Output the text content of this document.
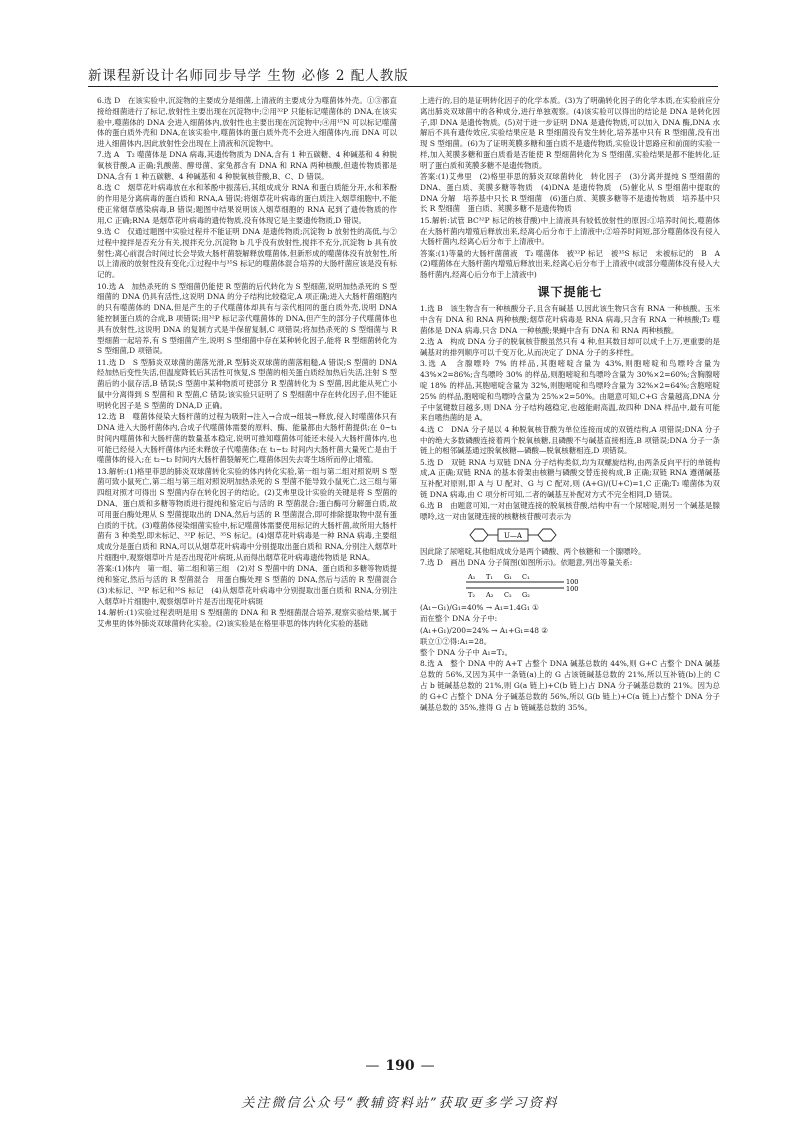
新课程新设计名师同步导学 生物 必修 2 配人教版

6.选 D　在该实验中,沉淀物的主要成分是细菌,上清液的主要成分为噬菌体外壳。①③都直接给细菌进行了标记,放射性主要出现在沉淀物中;②用³²P 只能标记噬菌体的 DNA,在该实验中,噬菌体的 DNA 会进入细菌体内,放射性也主要出现在沉淀物中;④用¹⁵N 可以标记噬菌体的蛋白质外壳和 DNA,在该实验中,噬菌体的蛋白质外壳不会进入细菌体内,而 DNA 可以进入细菌体内,因此放射性会出现在上清液和沉淀物中。

7.选 A　T₂ 噬菌体是 DNA 病毒,其遗传物质为 DNA,含有 1 种五碳糖、4 种碱基和 4 种脱氧核苷酸,A 正确;乳酸菌、酵母菌、家兔都含有 DNA 和 RNA 两种核酸,但遗传物质都是 DNA,含有 1 种五碳糖、4 种碱基和 4 种脱氧核苷酸,B、C、D 错误。

8.选 C　烟草花叶病毒放在水和苯酚中振荡后,其组成成分 RNA 和蛋白质能分开,水和苯酚的作用是分离病毒的蛋白质和 RNA,A 错误;将烟草花叶病毒的蛋白质注入烟草细胞中,不能使正常烟草感染病毒,B 错误;题图中结果说明该入烟草细胞的 RNA 起到了遗传物质的作用,C 正确;RNA 是烟草花叶病毒的遗传物质,没有体现它是主要遗传物质,D 错误。

9.选 C　仅通过题图中实验过程并不能证明 DNA 是遗传物质;沉淀物 b 放射性的高低,与②过程中搅拌是否充分有关,搅拌充分,沉淀物 b 几乎没有放射性,搅拌不充分,沉淀物 b 具有放射性;离心前混合时间过长会导致大肠杆菌裂解释放噬菌体,但新形成的噬菌体没有放射性,所以上清液的放射性没有变化;①过程中与³⁵S 标记的噬菌体混合培养的大肠杆菌应该是没有标记的。

10.选 A　加热杀死的 S 型细菌仍能使 R 型菌的后代转化为 S 型细菌,说明加热杀死的 S 型细菌的 DNA 仍具有活性,这说明 DNA 的分子结构比较稳定,A 项正确;进入大肠杆菌细胞内的只有噬菌体的 DNA,但是产生的子代噬菌体却具有与亲代相同的蛋白质外壳,说明 DNA 能控制蛋白质的合成,B 项错误;用³²P 标记亲代噬菌体的 DNA,但产生的部分子代噬菌体也具有放射性,这说明 DNA 的复制方式是半保留复制,C 项错误;将加热杀死的 S 型细菌与 R 型细菌一起培养,有 S 型细菌产生,说明 S 型细菌中存在某种转化因子,能将 R 型细菌转化为 S 型细菌,D 项错误。

11.选 D　S 型肺炎双球菌的菌落光滑,R 型肺炎双球菌的菌落粗糙,A 错误;S 型菌的 DNA 经加热后变性失活,但温度降低后其活性可恢复,S 型菌的相关蛋白质经加热后失活,注射 S 型菌后的小鼠存活,B 错误;S 型菌中某种物质可使部分 R 型菌转化为 S 型菌,因此能从死亡小鼠中分离得到 S 型菌和 R 型菌,C 错误;该实验只证明了 S 型细菌中存在转化因子,但不能证明转化因子是 S 型菌的 DNA,D 正确。

12.选 B　噬菌体侵染大肠杆菌的过程为吸附→注入→合成→组装→释放,侵入时噬菌体只有 DNA 进入大肠杆菌体内,合成子代噬菌体需要的原料、酶、能量都由大肠杆菌提供;在 0~t₁ 时间内噬菌体和大肠杆菌的数量基本稳定,说明可推知噬菌体可能还未侵入大肠杆菌体内,也可能已经侵入大肠杆菌体内还未释放子代噬菌体;在 t₁~t₂ 时间内大肠杆菌大量死亡是由于噬菌体的侵入;在 t₂~t₃ 时间内大肠杆菌裂解死亡,噬菌体因失去寄生场所而停止增殖。

13.解析:(1)格里菲思的肺炎双球菌转化实验的体内转化实验,第一组与第二组对照说明 S 型菌可致小鼠死亡,第二组与第三组对照说明加热杀死的 S 型菌不能导致小鼠死亡,这三组与第四组对照才可得出 S 型菌内存在转化因子的结论。(2)艾弗里设计实验的关键是将 S 型菌的 DNA、蛋白质和多糖等物质进行提纯和鉴定后与活的 R 型菌混合;蛋白酶可分解蛋白质,故可用蛋白酶处理从 S 型菌提取出的 DNA,然后与活的 R 型菌混合,即可排除提取物中混有蛋白质的干扰。(3)噬菌体侵染细菌实验中,标记噬菌体需要使用标记的大肠杆菌,故所用大肠杆菌有 3 种类型,即未标记、³²P 标记、³⁵S 标记。(4)烟草花叶病毒是一种 RNA 病毒,主要组成成分是蛋白质和 RNA,可以从烟草花叶病毒中分别提取出蛋白质和 RNA,分别注入烟草叶片细胞中,观察烟草叶片是否出现花叶病斑,从而得出烟草花叶病毒遗传物质是 RNA。

答案:(1)体内　第一组、第二组和第三组　(2)对 S 型菌中的 DNA、蛋白质和多糖等物质提纯和鉴定,然后与活的 R 型菌混合　用蛋白酶处理 S 型菌的 DNA,然后与活的 R 型菌混合　(3)未标记、³²P 标记和³⁵S 标记　(4)从烟草花叶病毒中分别提取出蛋白质和 RNA,分别注入烟草叶片细胞中,观察烟草叶片是否出现花叶病斑

14.解析:(1)实验过程表明是用 S 型细菌的 DNA 和 R 型细菌混合培养,观察实验结果,属于艾弗里的体外肺炎双球菌转化实验。(2)该实验是在格里菲思的体内转化实验的基础

上进行的,目的是证明转化因子的化学本质。(3)为了明确转化因子的化学本质,在实验前应分离出肺炎双球菌中的各种成分,进行单独观察。(4)该实验可以得出的结论是 DNA 是转化因子,即 DNA 是遗传物质。(5)对于进一步证明 DNA 是遗传物质,可以加入 DNA 酶,DNA 水解后不具有遗传效应,实验结果应是 R 型细菌没有发生转化,培养基中只有 R 型细菌,没有出现 S 型细菌。(6)为了证明荚膜多糖和蛋白质不是遗传物质,实验设计思路应和前面的实验一样,加入荚膜多糖和蛋白质看是否能使 R 型细菌转化为 S 型细菌,实验结果是都不能转化,证明了蛋白质和荚膜多糖不是遗传物质。

答案:(1)艾弗里　(2)格里菲思的肺炎双球菌转化　转化因子　(3)分离并提纯 S 型细菌的 DNA、蛋白质、荚膜多糖等物质　(4)DNA 是遗传物质　(5)催化从 S 型细菌中提取的 DNA 分解　培养基中只长 R 型细菌　(6)蛋白质、荚膜多糖等不是遗传物质　培养基中只长 R 型细菌　蛋白质、荚膜多糖不是遗传物质

15.解析:试管 BC³²P 标记的核苷酸)中上清液具有较低放射性的原因:①培养时间长,噬菌体在大肠杆菌内增殖后释放出来,经离心后分布于上清液中;②培养时间短,部分噬菌体没有侵入大肠杆菌内,经离心后分布于上清液中。

答案:(1)等量的大肠杆菌菌液　T₂ 噬菌体　被³²P 标记　被³⁵S 标记　未被标记的　B　A　(2)噬菌体在大肠杆菌内增殖后释放出来,经离心后分布于上清液中(或部分噬菌体没有侵入大肠杆菌内,经离心后分布于上清液中)

课下提能七

1.选 B　该生物含有一种核酸分子,且含有碱基 U,因此该生物只含有 RNA 一种核酸。玉米中含有 DNA 和 RNA 两种核酸;烟草花叶病毒是 RNA 病毒,只含有 RNA 一种核酸;T₂ 噬菌体是 DNA 病毒,只含 DNA 一种核酸;果蝇中含有 DNA 和 RNA 两种核酸。

2.选 A　构成 DNA 分子的脱氧核苷酸虽然只有 4 种,但其数目却可以成千上万,更重要的是碱基对的排列顺序可以千变万化,从而决定了 DNA 分子的多样性。

3.选 A　含腺嘌呤 7% 的样品,其胞嘧啶含量为 43%,则胞嘧啶和鸟嘌呤含量为 43%×2=86%;含鸟嘌呤 30% 的样品,则胞嘧啶和鸟嘌呤含量为 30%×2=60%;含胸腺嘧啶 18% 的样品,其胞嘧啶含量为 32%,则胞嘧啶和鸟嘌呤含量为 32%×2=64%;含胞嘧啶 25% 的样品,胞嘧啶和鸟嘌呤含量为 25%×2=50%。由题意可知,C+G 含量越高,DNA 分子中氢键数目越多,则 DNA 分子结构越稳定,也越能耐高温,故四种 DNA 样品中,最有可能来自嗜热菌的是 A。

4.选 C　DNA 分子是以 4 种脱氧核苷酸为单位连接而成的双链结构,A 项错误;DNA 分子中的绝大多数磷酸连接着两个脱氧核糖,且磷酸不与碱基直接相连,B 项错误;DNA 分子一条链上的相邻碱基通过脱氧核糖—磷酸—脱氧核糖相连,D 项错误。

5.选 D　双链 RNA 与双链 DNA 分子结构类似,均为双螺旋结构,由两条反向平行的单链构成,A 正确;双链 RNA 的基本骨架由核糖与磷酸交替连接构成,B 正确;双链 RNA 遵循碱基互补配对原则,即 A 与 U 配对、G 与 C 配对,则 (A+G)/(U+C)=1,C 正确;T₂ 噬菌体为双链 DNA 病毒,由 C 项分析可知,二者的碱基互补配对方式不完全相同,D 错误。

6.选 B　由题意可知,一对由氢键连接的脱氧核苷酸,结构中有一个尿嘧啶,则另一个碱基是腺嘌呤,这一对由氢键连接的核糖核苷酸可表示为

U—A

因此除了尿嘧啶,其他组成成分是两个磷酸、两个核糖和一个腺嘌呤。

7.选 D　画出 DNA 分子简图(如图所示)。依题意,列出等量关系:

A₁ T₁ G₁ C₁
100
100
T₂ A₂ C₂ G₂

(A₁−G₁)/G₁=40% → A₁=1.4G₁ ①

而在整个 DNA 分子中:

(A₁+G₁)/200=24% → A₁+G₁=48 ②

联立①②得:A₁=28。

整个 DNA 分子中 A₁=T₂。

8.选 A　整个 DNA 中的 A+T 占整个 DNA 碱基总数的 44%,则 G+C 占整个 DNA 碱基总数的 56%,又因为其中一条链(a)上的 G 占该链碱基总数的 21%,所以互补链(b)上的 C 占 b 链碱基总数的 21%,则 G(a 链上)+C(b 链上)占 DNA 分子碱基总数的 21%。因为总的 G+C 占整个 DNA 分子碱基总数的 56%,所以 G(b 链上)+C(a 链上)占整个 DNA 分子碱基总数的 35%,推得 G 占 b 链碱基总数的 35%。

— 190 —
关注微信公众号“教辅资料站”获取更多学习资料
